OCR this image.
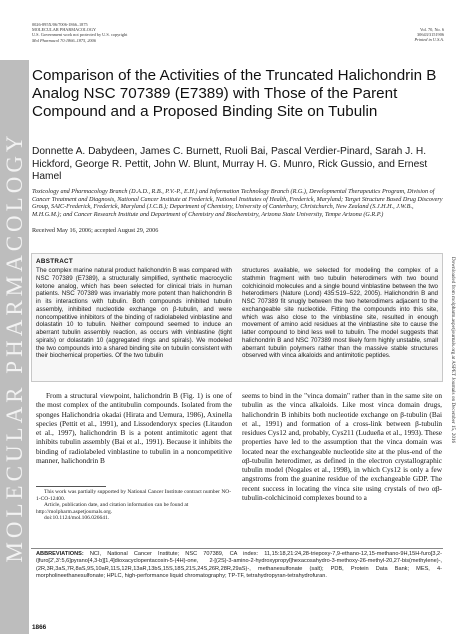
0026-895X/06/7006-1866–1875
MOLECULAR PHARMACOLOGY
U.S. Government work not protected by U.S. copyright
Mol Pharmacol 70:1866–1875, 2006
Vol. 70, No. 6
30643/3151906
Printed in U.S.A.
MOLECULAR PHARMACOLOGY	Downloaded from molpharm.aspetjournals.org at ASPET Journals on December 15, 2016
Comparison of the Activities of the Truncated Halichondrin B Analog NSC 707389 (E7389) with Those of the Parent Compound and a Proposed Binding Site on Tubulin
Donnette A. Dabydeen, James C. Burnett, Ruoli Bai, Pascal Verdier-Pinard, Sarah J. H. Hickford, George R. Pettit, John W. Blunt, Murray H. G. Munro, Rick Gussio, and Ernest Hamel
Toxicology and Pharmacology Branch (D.A.D., R.B., P.V.-P., E.H.) and Information Technology Branch (R.G.), Developmental Therapeutics Program, Division of Cancer Treatment and Diagnosis, National Cancer Institute at Frederick, National Institutes of Health, Frederick, Maryland; Target Structure Based Drug Discovery Group, SAIC-Frederick, Frederick, Maryland (J.C.B.); Department of Chemistry, University of Canterbury, Christchurch, New Zealand (S.J.H.H., J.W.B., M.H.G.M.); and Cancer Research Institute and Department of Chemistry and Biochemistry, Arizona State University, Tempe Arizona (G.R.P.)
Received May 16, 2006; accepted August 29, 2006
ABSTRACT
The complex marine natural product halichondrin B was compared with NSC 707389 (E7389), a structurally simplified, synthetic macrocyclic ketone analog, which has been selected for clinical trials in human patients. NSC 707389 was invariably more potent than halichondrin B in its interactions with tubulin. Both compounds inhibited tubulin assembly, inhibited nucleotide exchange on β-tubulin, and were noncompetitive inhibitors of the binding of radiolabeled vinblastine and dolastatin 10 to tubulin. Neither compound seemed to induce an aberrant tubulin assembly reaction, as occurs with vinblastine (tight spirals) or dolastatin 10 (aggregated rings and spirals). We modeled the two compounds into a shared binding site on tubulin consistent with their biochemical properties. Of the two tubulin
structures available, we selected for modeling the complex of a stathmin fragment with two tubulin heterodimers with two bound colchicinoid molecules and a single bound vinblastine between the two heterodimers (Nature (Lond) 435:519–522, 2005). Halichondrin B and NSC 707389 fit snugly between the two heterodimers adjacent to the exchangeable site nucleotide. Fitting the compounds into this site, which was also close to the vinblastine site, resulted in enough movement of amino acid residues at the vinblastine site to cause the latter compound to bind less well to tubulin. The model suggests that halichondrin B and NSC 707389 most likely form highly unstable, small aberrant tubulin polymers rather than the massive stable structures observed with vinca alkaloids and antimitotic peptides.
From a structural viewpoint, halichondrin B (Fig. 1) is one of the most complex of the antitubulin compounds. Isolated from the sponges Halichondria okadai (Hirata and Uemura, 1986), Axinella species (Pettit et al., 1991), and Lissodendoryx species (Litaudon et al., 1997), halichondrin B is a potent antimitotic agent that inhibits tubulin assembly (Bai et al., 1991). Because it inhibits the binding of radiolabeled vinblastine to tubulin in a noncompetitive manner, halichondrin B
seems to bind in the "vinca domain" rather than in the same site on tubulin as the vinca alkaloids. Like most vinca domain drugs, halichondrin B inhibits both nucleotide exchange on β-tubulin (Bai et al., 1991) and formation of a cross-link between β-tubulin residues Cys12 and, probably, Cys211 (Ludueña et al., 1993). These properties have led to the assumption that the vinca domain was located near the exchangeable nucleotide site at the plus-end of the αβ-tubulin heterodimer, as defined in the electron crystallographic tubulin model (Nogales et al., 1998), in which Cys12 is only a few angstroms from the guanine residue of the exchangeable GDP. The recent success in locating the vinca site using crystals of two αβ-tubulin-colchicinoid complexes bound to a

This work was partially supported by National Cancer Institute contract number NO-1-CO-12400.

Article, publication date, and citation information can be found at http://molpharm.aspetjournals.org.

doi:10.1124/mol.106.026641.

ABBREVIATIONS: NCI, National Cancer Institute; NSC 707389, CA index: 11,15:18,21:24,28-triepoxy-7,9-ethano-12,15-methano-9H,15H-furo[3,2-i]furo[2',3':5,6]pyrano[4,3-b][1,4]dioxacyclopentacosin-5-(4H)-one, 2-[(2S)-3-amino-2-hydroxypropyl]hexacosahydro-3-methoxy-26-methyl-20,27-bis(methylene)-, (2R,3R,3aS,7R,8aS,9S,10aR,11S,12R,13aR,13bS,15S,18S,21S,24S,26R,28R,29aS)-, methanesulfonate (salt); PDB, Protein Data Bank; MES, 4-morpholineethanesulfonate; HPLC, high-performance liquid chromatography; TP-TF, tetrahydropyran-tetrahydrofuran.
1866
